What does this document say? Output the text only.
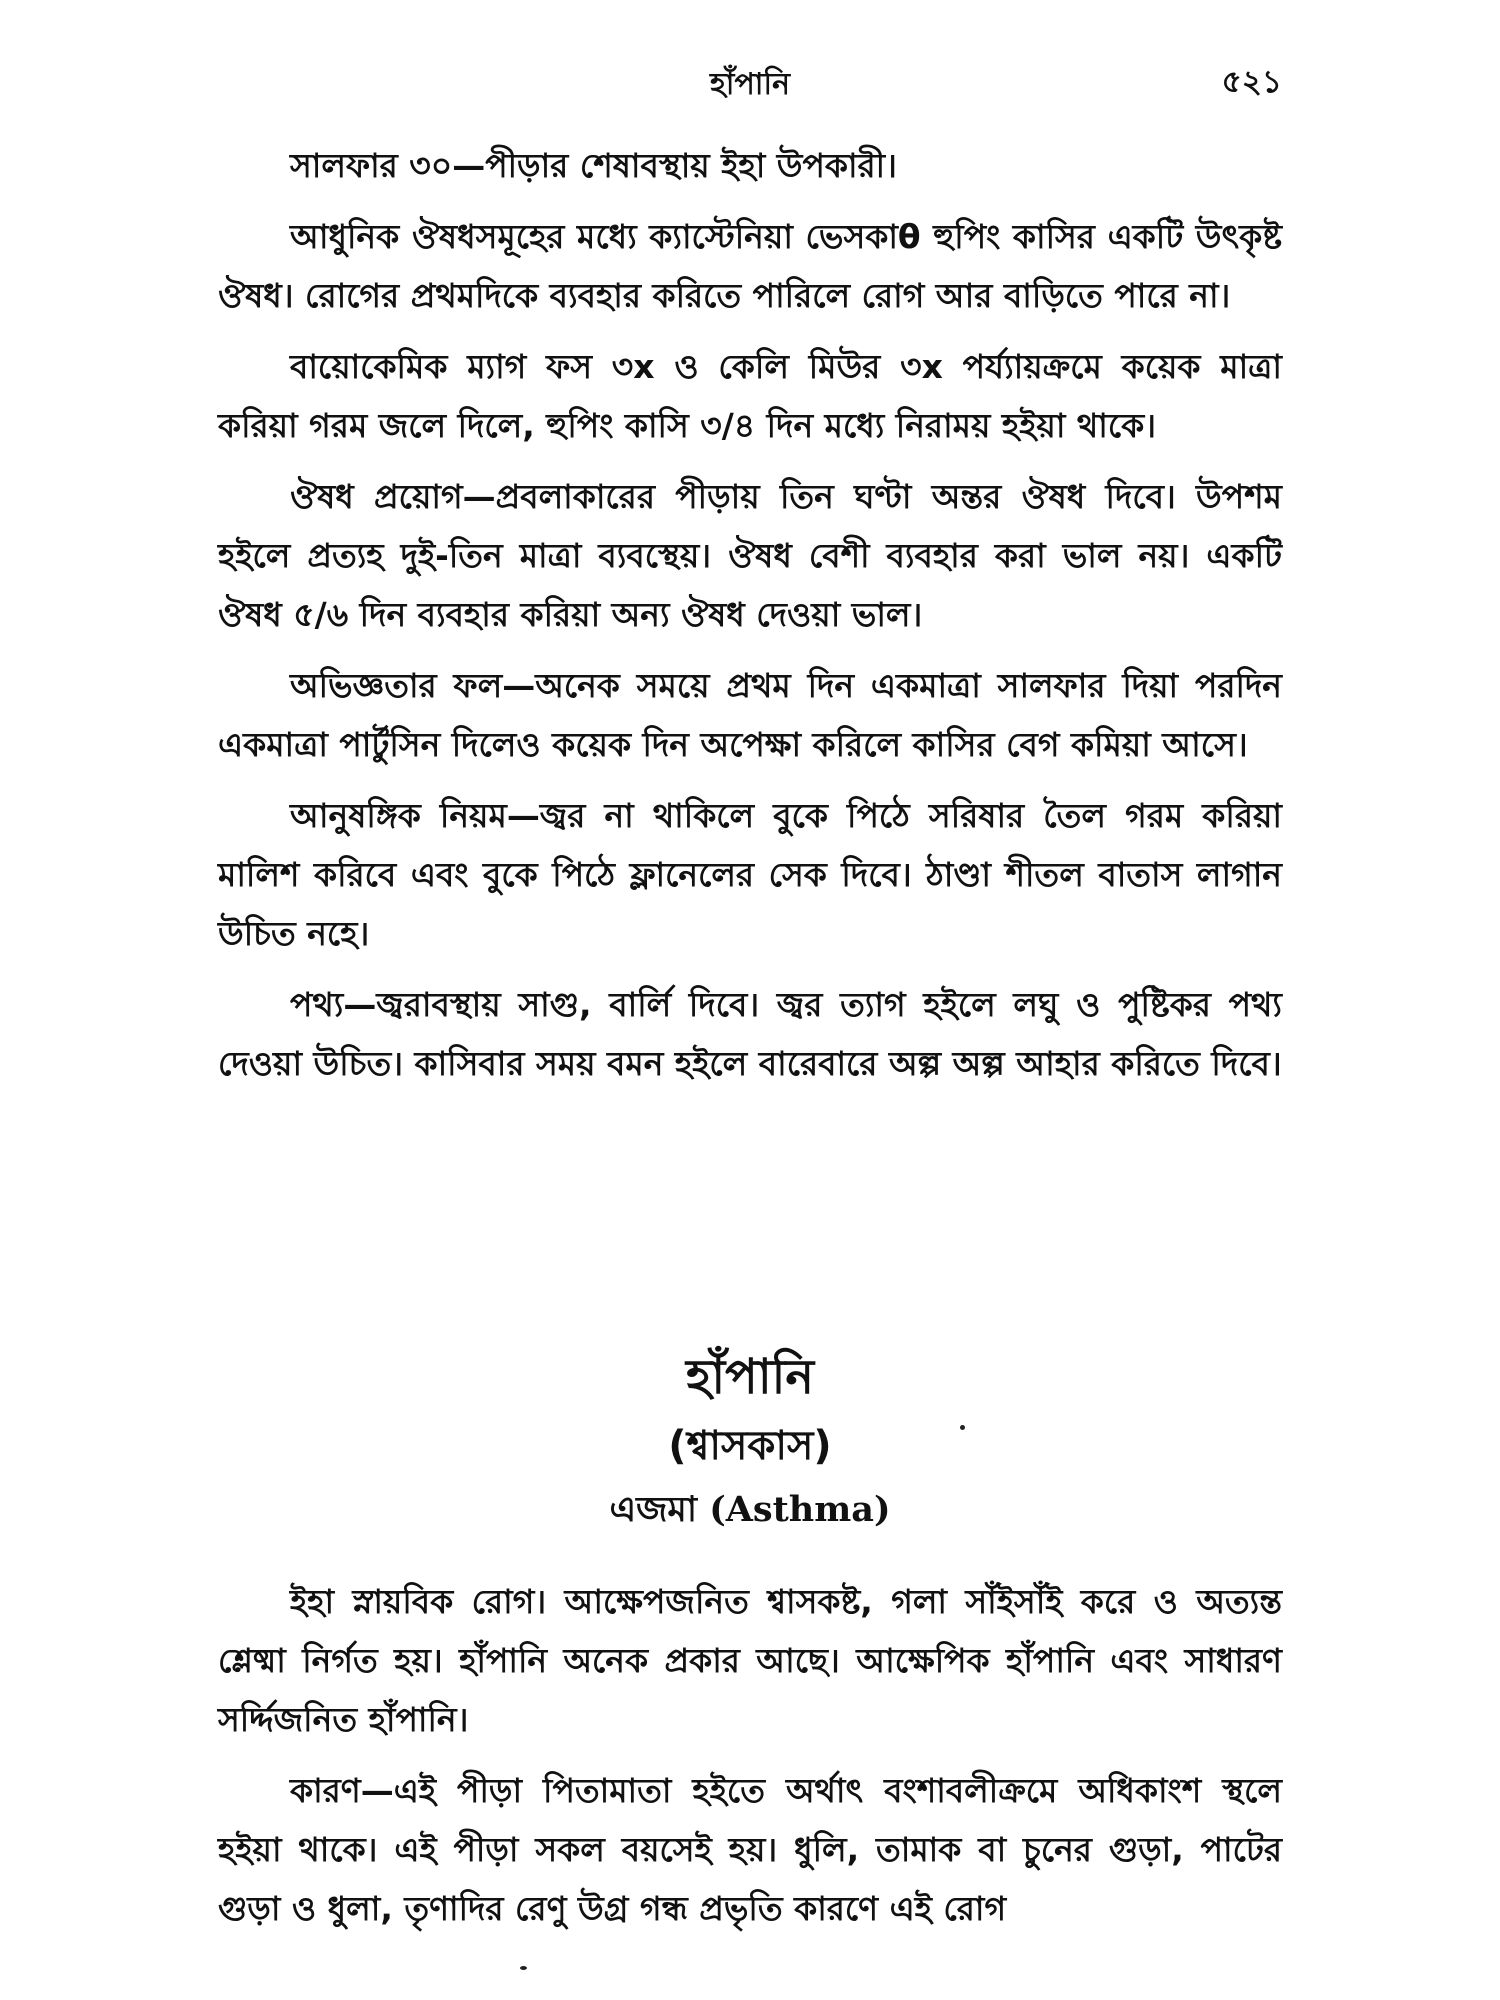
হাঁপানি	৫২১

সালফার ৩০—পীড়ার শেষাবস্থায় ইহা উপকারী।

আধুনিক ঔষধসমূহের মধ্যে ক্যাস্টেনিয়া ভেসকাθ হুপিং কাসির একটি উৎকৃষ্ট ঔষধ। রোগের প্রথমদিকে ব্যবহার করিতে পারিলে রোগ আর বাড়িতে পারে না।

বায়োকেমিক ম্যাগ ফস ৩x ও কেলি মিউর ৩x পর্য্যায়ক্রমে কয়েক মাত্রা করিয়া গরম জলে দিলে, হুপিং কাসি ৩/৪ দিন মধ্যে নিরাময় হইয়া থাকে।

ঔষধ প্রয়োগ—প্রবলাকারের পীড়ায় তিন ঘণ্টা অন্তর ঔষধ দিবে। উপশম হইলে প্রত্যহ দুই-তিন মাত্রা ব্যবস্থেয়। ঔষধ বেশী ব্যবহার করা ভাল নয়। একটি ঔষধ ৫/৬ দিন ব্যবহার করিয়া অন্য ঔষধ দেওয়া ভাল।

অভিজ্ঞতার ফল—অনেক সময়ে প্রথম দিন একমাত্রা সালফার দিয়া পরদিন একমাত্রা পার্টুসিন দিলেও কয়েক দিন অপেক্ষা করিলে কাসির বেগ কমিয়া আসে।

আনুষঙ্গিক নিয়ম—জ্বর না থাকিলে বুকে পিঠে সরিষার তৈল গরম করিয়া মালিশ করিবে এবং বুকে পিঠে ফ্লানেলের সেক দিবে। ঠাণ্ডা শীতল বাতাস লাগান উচিত নহে।

পথ্য—জ্বরাবস্থায় সাগু, বার্লি দিবে। জ্বর ত্যাগ হইলে লঘু ও পুষ্টিকর পথ্য দেওয়া উচিত। কাসিবার সময় বমন হইলে বারেবারে অল্প অল্প আহার করিতে দিবে।

হাঁপানি

(শ্বাসকাস)

এজমা (Asthma)

ইহা স্নায়বিক রোগ। আক্ষেপজনিত শ্বাসকষ্ট, গলা সাঁইসাঁই করে ও অত্যন্ত শ্লেষ্মা নির্গত হয়। হাঁপানি অনেক প্রকার আছে। আক্ষেপিক হাঁপানি এবং সাধারণ সর্দ্দিজনিত হাঁপানি।

কারণ—এই পীড়া পিতামাতা হইতে অর্থাৎ বংশাবলীক্রমে অধিকাংশ স্থলে হইয়া থাকে। এই পীড়া সকল বয়সেই হয়। ধুলি, তামাক বা চুনের গুড়া, পাটের গুড়া ও ধুলা, তৃণাদির রেণু উগ্র গন্ধ প্রভৃতি কারণে এই রোগ
